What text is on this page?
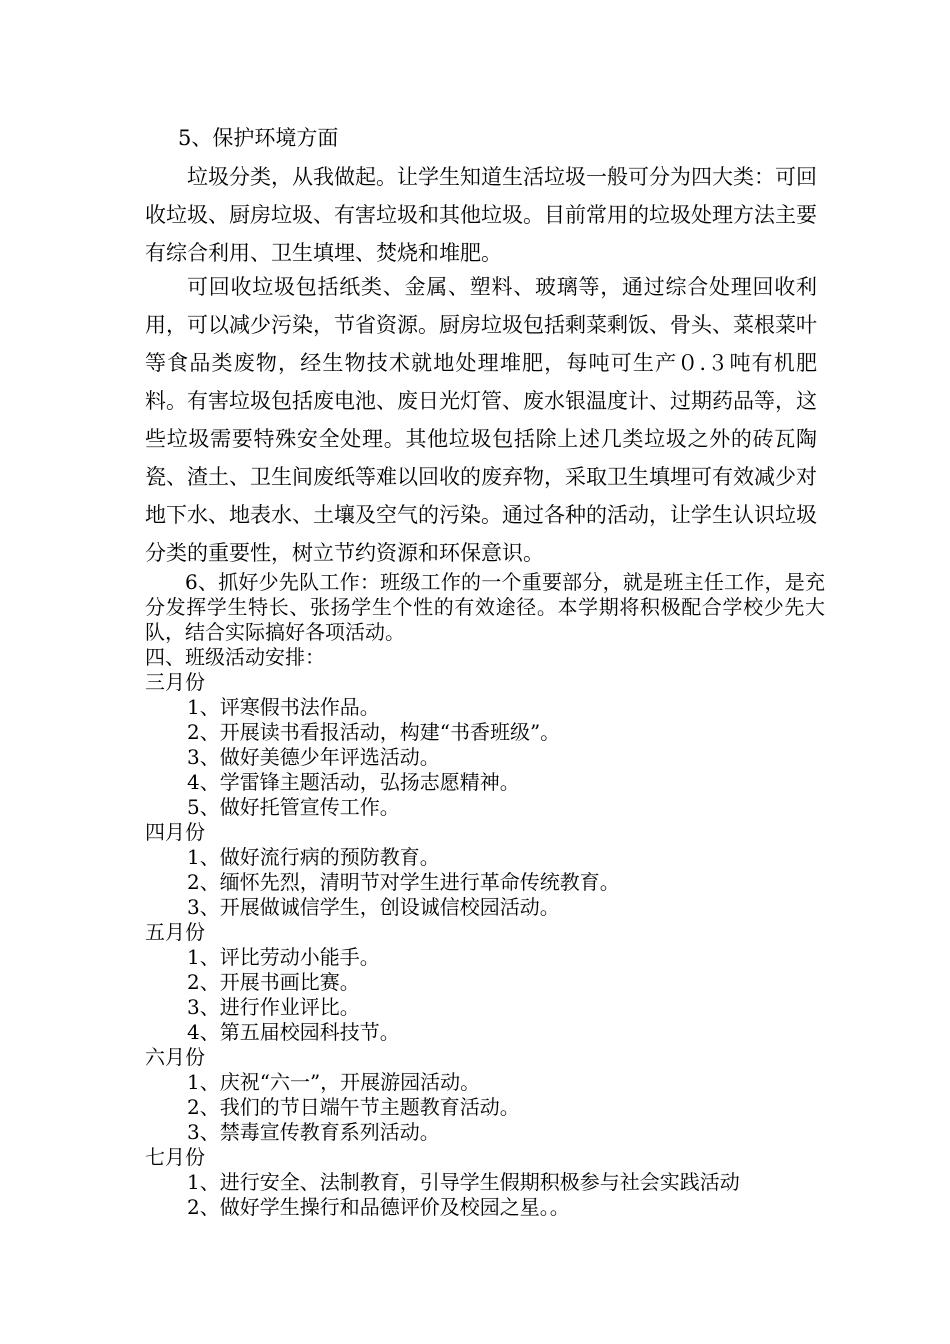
5、保护环境方面

垃圾分类，从我做起。让学生知道生活垃圾一般可分为四大类：可回收垃圾、厨房垃圾、有害垃圾和其他垃圾。目前常用的垃圾处理方法主要有综合利用、卫生填埋、焚烧和堆肥。

可回收垃圾包括纸类、金属、塑料、玻璃等，通过综合处理回收利用，可以减少污染，节省资源。厨房垃圾包括剩菜剩饭、骨头、菜根菜叶等食品类废物，经生物技术就地处理堆肥，每吨可生产０.３吨有机肥料。有害垃圾包括废电池、废日光灯管、废水银温度计、过期药品等，这些垃圾需要特殊安全处理。其他垃圾包括除上述几类垃圾之外的砖瓦陶瓷、渣土、卫生间废纸等难以回收的废弃物，采取卫生填埋可有效减少对地下水、地表水、土壤及空气的污染。通过各种的活动，让学生认识垃圾分类的重要性，树立节约资源和环保意识。

6、抓好少先队工作：班级工作的一个重要部分，就是班主任工作，是充分发挥学生特长、张扬学生个性的有效途径。本学期将积极配合学校少先大队，结合实际搞好各项活动。

四、班级活动安排：

三月份

1、评寒假书法作品。

2、开展读书看报活动，构建“书香班级”。

3、做好美德少年评选活动。

4、学雷锋主题活动，弘扬志愿精神。

5、做好托管宣传工作。

四月份

1、做好流行病的预防教育。

2、缅怀先烈，清明节对学生进行革命传统教育。

3、开展做诚信学生，创设诚信校园活动。

五月份

1、评比劳动小能手。

2、开展书画比赛。

3、进行作业评比。

4、第五届校园科技节。

六月份

1、庆祝“六一”，开展游园活动。

2、我们的节日端午节主题教育活动。

3、禁毒宣传教育系列活动。

七月份

1、进行安全、法制教育，引导学生假期积极参与社会实践活动

2、做好学生操行和品德评价及校园之星。。
